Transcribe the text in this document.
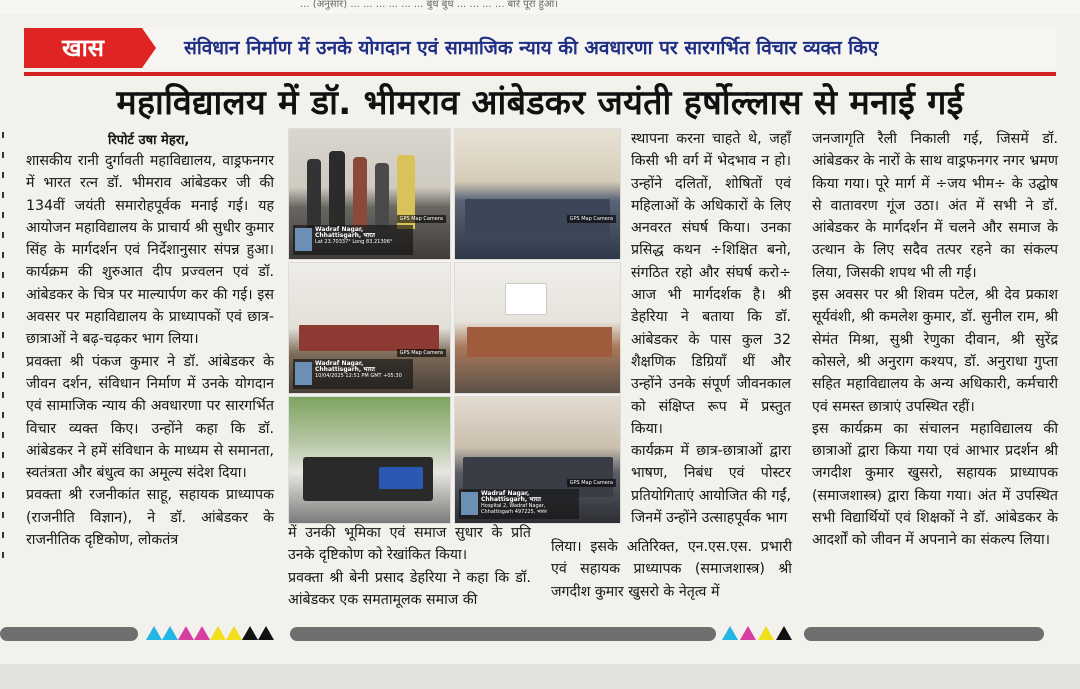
... (अनुसार) ... ... ... ... ... ... बुध बुध ... ... ... ... बारे पूरा हुआ।
खास	संविधान निर्माण में उनके योगदान एवं सामाजिक न्याय की अवधारणा पर सारगर्भित विचार व्यक्त किए
महाविद्यालय में डॉ. भीमराव आंबेडकर जयंती हर्षोल्लास से मनाई गई
रिपोर्ट उषा मेहरा,

शासकीय रानी दुर्गावती महाविद्यालय, वाड्रफनगर में भारत रत्न डॉ. भीमराव आंबेडकर जी की 134वीं जयंती समारोहपूर्वक मनाई गई। यह आयोजन महाविद्यालय के प्राचार्य श्री सुधीर कुमार सिंह के मार्गदर्शन एवं निर्देशानुसार संपन्न हुआ। कार्यक्रम की शुरुआत दीप प्रज्वलन एवं डॉ. आंबेडकर के चित्र पर माल्यार्पण कर की गई। इस अवसर पर महाविद्यालय के प्राध्यापकों एवं छात्र-छात्राओं ने बढ़-चढ़कर भाग लिया।

प्रवक्ता श्री पंकज कुमार ने डॉ. आंबेडकर के जीवन दर्शन, संविधान निर्माण में उनके योगदान एवं सामाजिक न्याय की अवधारणा पर सारगर्भित विचार व्यक्त किए। उन्होंने कहा कि डॉ. आंबेडकर ने हमें संविधान के माध्यम से समानता, स्वतंत्रता और बंधुत्व का अमूल्य संदेश दिया।

प्रवक्ता श्री रजनीकांत साहू, सहायक प्राध्यापक (राजनीति विज्ञान), ने डॉ. आंबेडकर के राजनीतिक दृष्टिकोण, लोकतंत्र

Wadraf Nagar, Chhattisgarh, भारत
Lat 23.70337° Long 83.21306°
GPS Map Camera	GPS Map Camera
Wadraf Nagar, Chhattisgarh, भारत
10/04/2025 12:51 PM GMT +05:30
GPS Map Camera
Wadraf Nagar, Chhattisgarh, भारत
Hospital 2, Wadraf Nagar, Chhattisgarh 497225, भारत
GPS Map Camera

में उनकी भूमिका एवं समाज सुधार के प्रति उनके दृष्टिकोण को रेखांकित किया।

प्रवक्ता श्री बेनी प्रसाद डेहरिया ने कहा कि डॉ. आंबेडकर एक समतामूलक समाज की

स्थापना करना चाहते थे, जहाँ किसी भी वर्ग में भेदभाव न हो। उन्होंने दलितों, शोषितों एवं महिलाओं के अधिकारों के लिए अनवरत संघर्ष किया। उनका प्रसिद्ध कथन ÷शिक्षित बनो, संगठित रहो और संघर्ष करो÷ आज भी मार्गदर्शक है। श्री डेहरिया ने बताया कि डॉ. आंबेडकर के पास कुल 32 शैक्षणिक डिग्रियाँ थीं और उन्होंने उनके संपूर्ण जीवनकाल को संक्षिप्त रूप में प्रस्तुत किया।

कार्यक्रम में छात्र-छात्राओं द्वारा भाषण, निबंध एवं पोस्टर प्रतियोगिताएं आयोजित की गईं, जिनमें उन्होंने उत्साहपूर्वक भाग

लिया। इसके अतिरिक्त, एन.एस.एस. प्रभारी एवं सहायक प्राध्यापक (समाजशास्त्र) श्री जगदीश कुमार खुसरो के नेतृत्व में

जनजागृति रैली निकाली गई, जिसमें डॉ. आंबेडकर के नारों के साथ वाड्रफनगर नगर भ्रमण किया गया। पूरे मार्ग में ÷जय भीम÷ के उद्घोष से वातावरण गूंज उठा। अंत में सभी ने डॉ. आंबेडकर के मार्गदर्शन में चलने और समाज के उत्थान के लिए सदैव तत्पर रहने का संकल्प लिया, जिसकी शपथ भी ली गई।

इस अवसर पर श्री शिवम पटेल, श्री देव प्रकाश सूर्यवंशी, श्री कमलेश कुमार, डॉ. सुनील राम, श्री सेमंत मिश्रा, सुश्री रेणुका दीवान, श्री सुरेंद्र कोसले, श्री अनुराग कश्यप, डॉ. अनुराधा गुप्ता सहित महाविद्यालय के अन्य अधिकारी, कर्मचारी एवं समस्त छात्राएं उपस्थित रहीं।

इस कार्यक्रम का संचालन महाविद्यालय की छात्राओं द्वारा किया गया एवं आभार प्रदर्शन श्री जगदीश कुमार खुसरो, सहायक प्राध्यापक (समाजशास्त्र) द्वारा किया गया। अंत में उपस्थित सभी विद्यार्थियों एवं शिक्षकों ने डॉ. आंबेडकर के आदर्शों को जीवन में अपनाने का संकल्प लिया।
